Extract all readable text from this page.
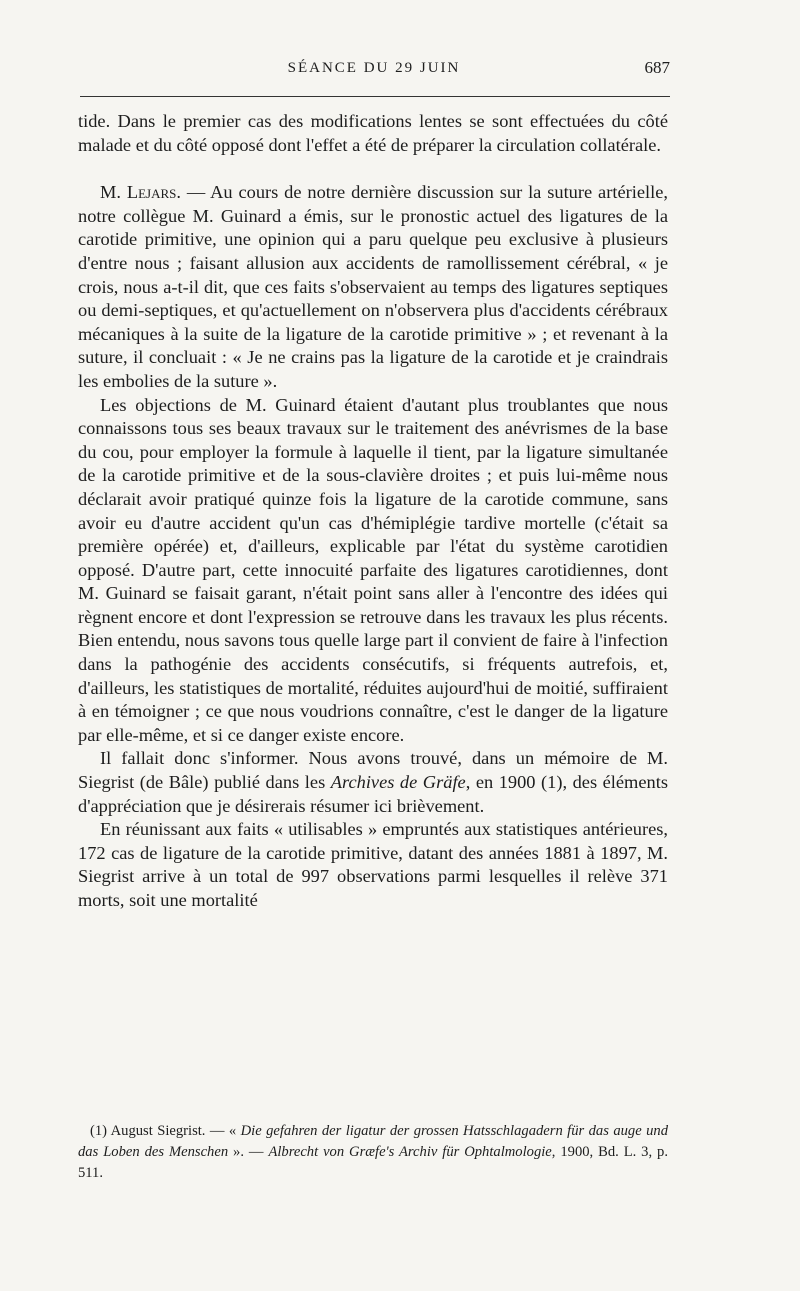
SÉANCE DU 29 JUIN	687

tide. Dans le premier cas des modifications lentes se sont effectuées du côté malade et du côté opposé dont l'effet a été de préparer la circulation collatérale.

M. Lejars. — Au cours de notre dernière discussion sur la suture artérielle, notre collègue M. Guinard a émis, sur le pronostic actuel des ligatures de la carotide primitive, une opinion qui a paru quelque peu exclusive à plusieurs d'entre nous ; faisant allusion aux accidents de ramollissement cérébral, « je crois, nous a-t-il dit, que ces faits s'observaient au temps des ligatures septiques ou demi-septiques, et qu'actuellement on n'observera plus d'accidents cérébraux mécaniques à la suite de la ligature de la carotide primitive » ; et revenant à la suture, il concluait : « Je ne crains pas la ligature de la carotide et je craindrais les embolies de la suture ».

Les objections de M. Guinard étaient d'autant plus troublantes que nous connaissons tous ses beaux travaux sur le traitement des anévrismes de la base du cou, pour employer la formule à laquelle il tient, par la ligature simultanée de la carotide primitive et de la sous-clavière droites ; et puis lui-même nous déclarait avoir pratiqué quinze fois la ligature de la carotide commune, sans avoir eu d'autre accident qu'un cas d'hémiplégie tardive mortelle (c'était sa première opérée) et, d'ailleurs, explicable par l'état du système carotidien opposé. D'autre part, cette innocuité parfaite des ligatures carotidiennes, dont M. Guinard se faisait garant, n'était point sans aller à l'encontre des idées qui règnent encore et dont l'expression se retrouve dans les travaux les plus récents. Bien entendu, nous savons tous quelle large part il convient de faire à l'infection dans la pathogénie des accidents consécutifs, si fréquents autrefois, et, d'ailleurs, les statistiques de mortalité, réduites aujourd'hui de moitié, suffiraient à en témoigner ; ce que nous voudrions connaître, c'est le danger de la ligature par elle-même, et si ce danger existe encore.

Il fallait donc s'informer. Nous avons trouvé, dans un mémoire de M. Siegrist (de Bâle) publié dans les Archives de Gräfe, en 1900 (1), des éléments d'appréciation que je désirerais résumer ici brièvement.

En réunissant aux faits « utilisables » empruntés aux statistiques antérieures, 172 cas de ligature de la carotide primitive, datant des années 1881 à 1897, M. Siegrist arrive à un total de 997 observations parmi lesquelles il relève 371 morts, soit une mortalité

(1) August Siegrist. — « Die gefahren der ligatur der grossen Hatsschlagadern für das auge und das Loben des Menschen ». — Albrecht von Græfe's Archiv für Ophtalmologie, 1900, Bd. L. 3, p. 511.
